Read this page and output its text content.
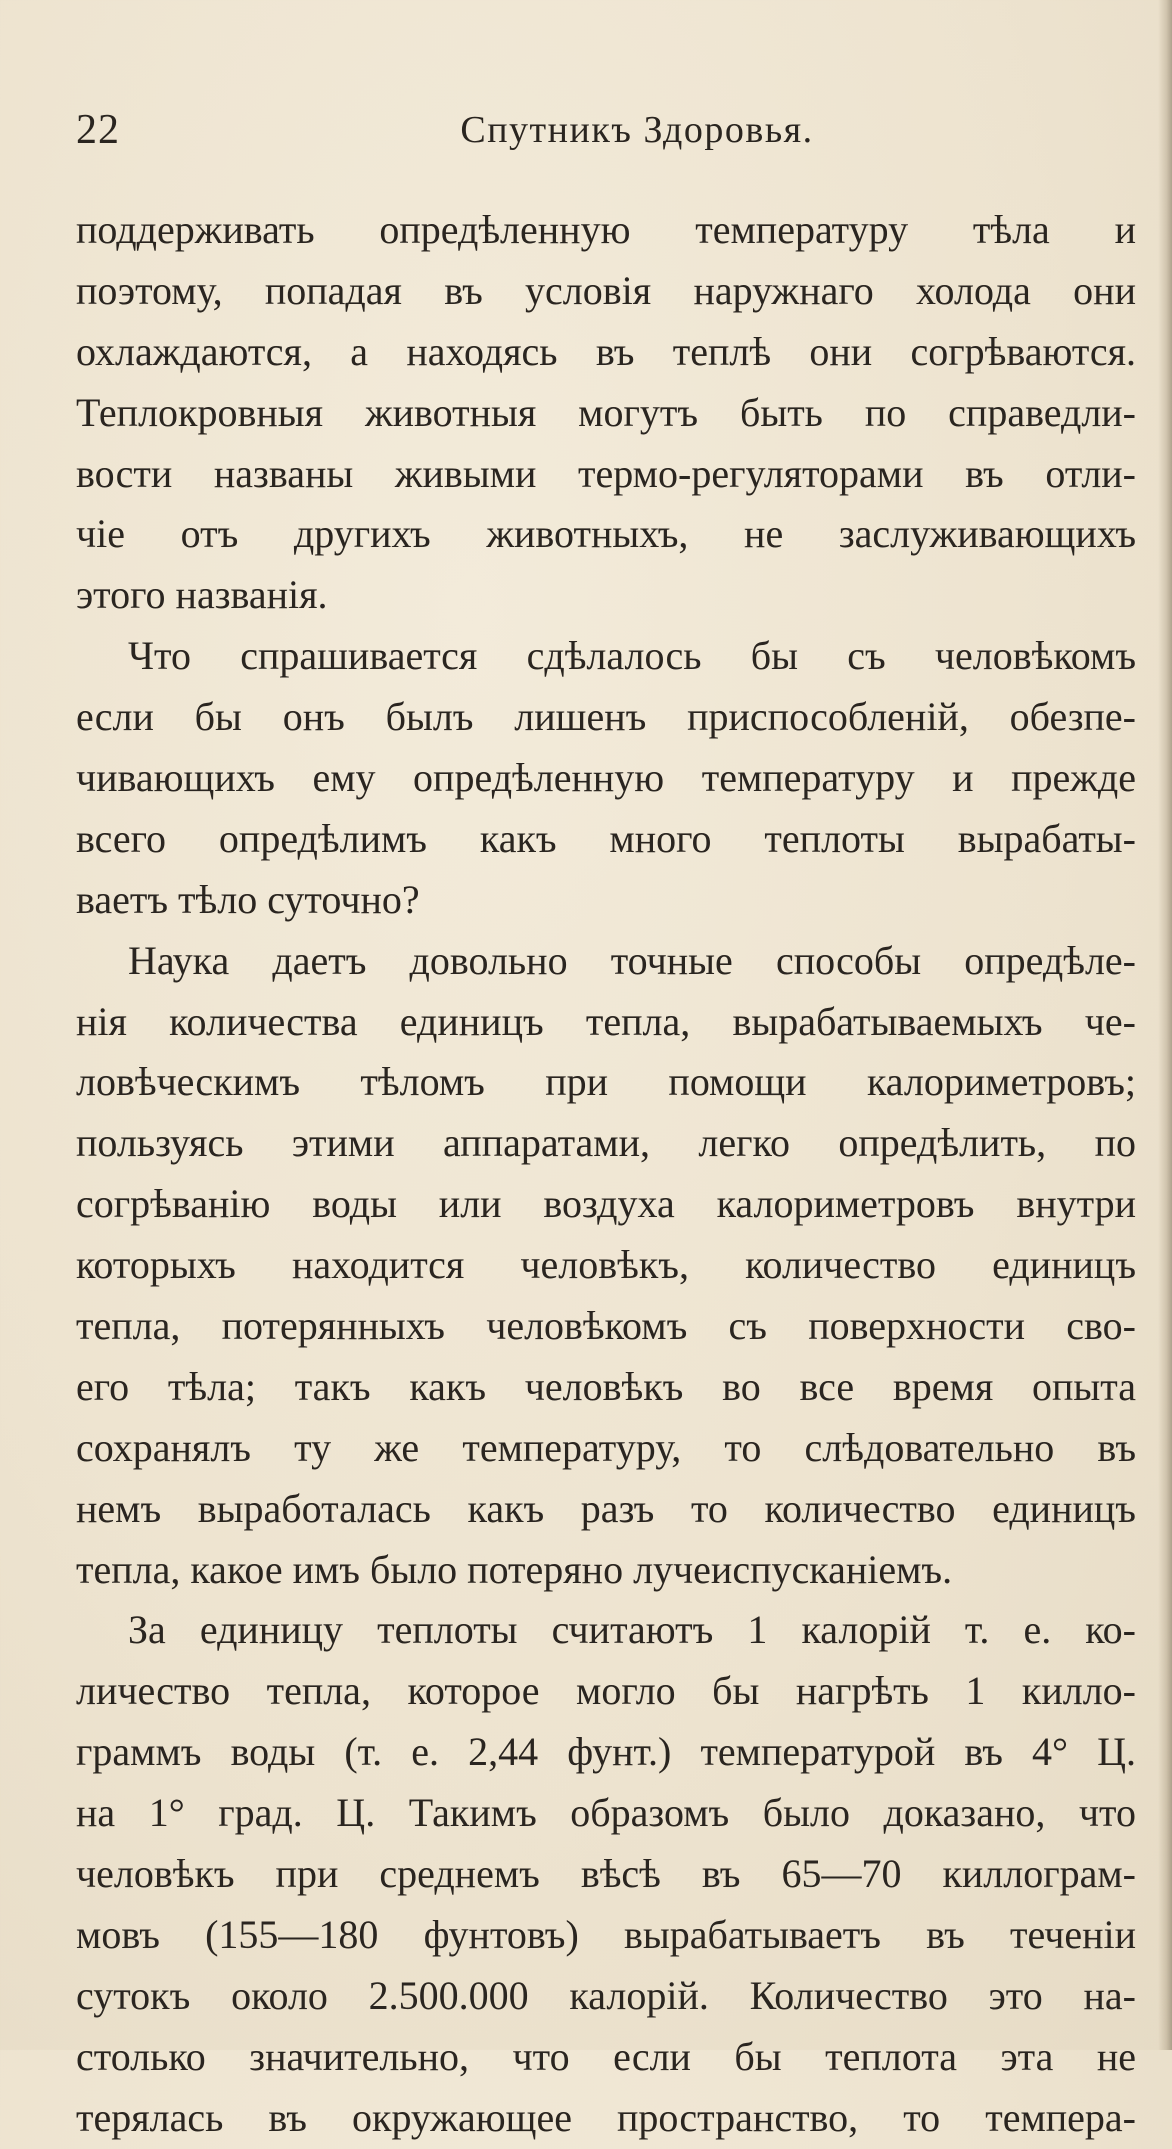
22	Спутникъ Здоровья.
поддерживать опредѣленную температуру тѣла и
поэтому, попадая въ условія наружнаго холода они
охлаждаются, а находясь въ теплѣ они согрѣваются.
Теплокровныя животныя могутъ быть по справедли-
вости названы живыми термо-регуляторами въ отли-
чіе отъ другихъ животныхъ, не заслуживающихъ
этого названія.
Что спрашивается сдѣлалось бы съ человѣкомъ
если бы онъ былъ лишенъ приспособленій, обезпе-
чивающихъ ему опредѣленную температуру и прежде
всего опредѣлимъ какъ много теплоты вырабаты-
ваетъ тѣло суточно?
Наука даетъ довольно точные способы опредѣле-
нія количества единицъ тепла, вырабатываемыхъ че-
ловѣческимъ тѣломъ при помощи калориметровъ;
пользуясь этими аппаратами, легко опредѣлить, по
согрѣванію воды или воздуха калориметровъ внутри
которыхъ находится человѣкъ, количество единицъ
тепла, потерянныхъ человѣкомъ съ поверхности сво-
его тѣла; такъ какъ человѣкъ во все время опыта
сохранялъ ту же температуру, то слѣдовательно въ
немъ выработалась какъ разъ то количество единицъ
тепла, какое имъ было потеряно лучеиспусканіемъ.
За единицу теплоты считаютъ 1 калорій т. е. ко-
личество тепла, которое могло бы нагрѣть 1 килло-
граммъ воды (т. е. 2,44 фунт.) температурой въ 4° Ц.
на 1° град. Ц. Такимъ образомъ было доказано, что
человѣкъ при среднемъ вѣсѣ въ 65—70 киллограм-
мовъ (155—180 фунтовъ) вырабатываетъ въ теченіи
сутокъ около 2.500.000 калорій. Количество это на-
столько значительно, что если бы теплота эта не
терялась въ окружающее пространство, то темпера-
